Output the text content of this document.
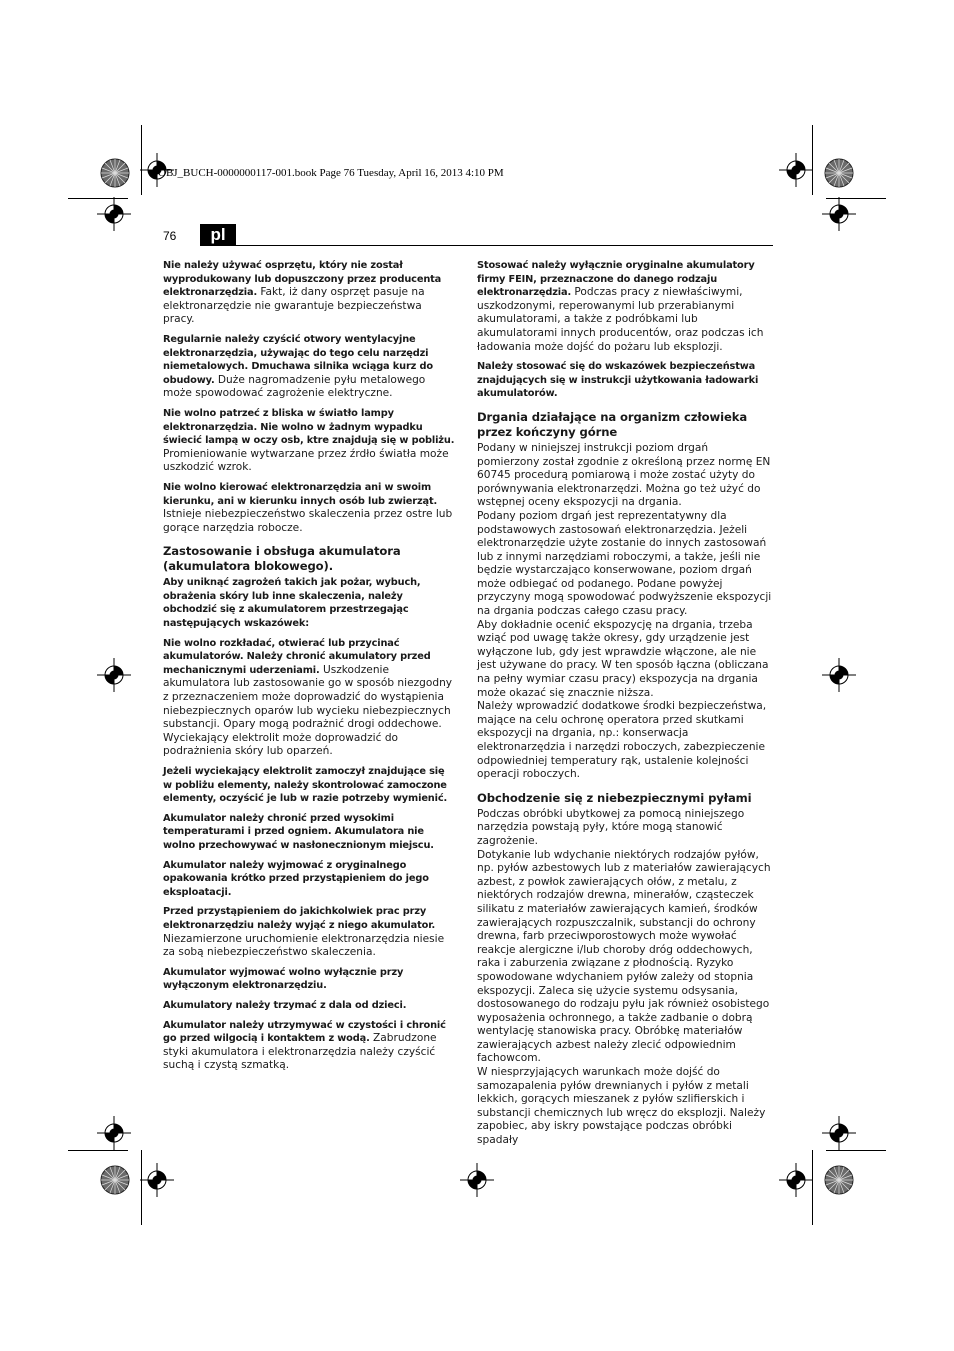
OBJ_BUCH-0000000117-001.book Page 76 Tuesday, April 16, 2013 4:10 PM
76	pl

Nie należy używać osprzętu, który nie został wyprodukowany lub dopuszczony przez producenta elektronarzędzia. Fakt, iż dany osprzęt pasuje na elektronarzędzie nie gwarantuje bezpieczeństwa pracy.

Regularnie należy czyścić otwory wentylacyjne elektronarzędzia, używając do tego celu narzędzi niemetalowych. Dmuchawa silnika wciąga kurz do obudowy. Duże nagromadzenie pyłu metalowego może spowodować zagrożenie elektryczne.

Nie wolno patrzeć z bliska w światło lampy elektronarzędzia. Nie wolno w żadnym wypadku świecić lampą w oczy osb, ktre znajdują się w pobliżu. Promieniowanie wytwarzane przez źrdło światła może uszkodzić wzrok.

Nie wolno kierować elektronarzędzia ani w swoim kierunku, ani w kierunku innych osób lub zwierząt. Istnieje niebezpieczeństwo skaleczenia przez ostre lub gorące narzędzia robocze.

Zastosowanie i obsługa akumulatora (akumulatora blokowego).

Aby uniknąć zagrożeń takich jak pożar, wybuch, obrażenia skóry lub inne skaleczenia, należy obchodzić się z akumulatorem przestrzegając następujących wskazówek:

Nie wolno rozkładać, otwierać lub przycinać akumulatorów. Należy chronić akumulatory przed mechanicznymi uderzeniami. Uszkodzenie akumulatora lub zastosowanie go w sposób niezgodny z przeznaczeniem może doprowadzić do wystąpienia niebezpiecznych oparów lub wycieku niebezpiecznych substancji. Opary mogą podrażnić drogi oddechowe. Wyciekający elektrolit może doprowadzić do podrażnienia skóry lub oparzeń.

Jeżeli wyciekający elektrolit zamoczył znajdujące się w pobliżu elementy, należy skontrolować zamoczone elementy, oczyścić je lub w razie potrzeby wymienić.

Akumulator należy chronić przed wysokimi temperaturami i przed ogniem. Akumulatora nie wolno przechowywać w nasłonecznionym miejscu.

Akumulator należy wyjmować z oryginalnego opakowania krótko przed przystąpieniem do jego eksploatacji.

Przed przystąpieniem do jakichkolwiek prac przy elektronarzędziu należy wyjąć z niego akumulator. Niezamierzone uruchomienie elektronarzędzia niesie za sobą niebezpieczeństwo skaleczenia.

Akumulator wyjmować wolno wyłącznie przy wyłączonym elektronarzędziu.

Akumulatory należy trzymać z dala od dzieci.

Akumulator należy utrzymywać w czystości i chronić go przed wilgocią i kontaktem z wodą. Zabrudzone styki akumulatora i elektronarzędzia należy czyścić suchą i czystą szmatką.

Stosować należy wyłącznie oryginalne akumulatory firmy FEIN, przeznaczone do danego rodzaju elektronarzędzia. Podczas pracy z niewłaściwymi, uszkodzonymi, reperowanymi lub przerabianymi akumulatorami, a także z podróbkami lub akumulatorami innych producentów, oraz podczas ich ładowania może dojść do pożaru lub eksplozji.

Należy stosować się do wskazówek bezpieczeństwa znajdujących się w instrukcji użytkowania ładowarki akumulatorów.

Drgania działające na organizm człowieka przez kończyny górne

Podany w niniejszej instrukcji poziom drgań pomierzony został zgodnie z określoną przez normę EN 60745 procedurą pomiarową i może zostać użyty do porównywania elektronarzędzi. Można go też użyć do wstępnej oceny ekspozycji na drgania.

Podany poziom drgań jest reprezentatywny dla podstawowych zastosowań elektronarzędzia. Jeżeli elektronarzędzie użyte zostanie do innych zastosowań lub z innymi narzędziami roboczymi, a także, jeśli nie będzie wystarczająco konserwowane, poziom drgań może odbiegać od podanego. Podane powyżej przyczyny mogą spowodować podwyższenie ekspozycji na drgania podczas całego czasu pracy.

Aby dokładnie ocenić ekspozycję na drgania, trzeba wziąć pod uwagę także okresy, gdy urządzenie jest wyłączone lub, gdy jest wprawdzie włączone, ale nie jest używane do pracy. W ten sposób łączna (obliczana na pełny wymiar czasu pracy) ekspozycja na drgania może okazać się znacznie niższa.

Należy wprowadzić dodatkowe środki bezpieczeństwa, mające na celu ochronę operatora przed skutkami ekspozycji na drgania, np.: konserwacja elektronarzędzia i narzędzi roboczych, zabezpieczenie odpowiedniej temperatury rąk, ustalenie kolejności operacji roboczych.

Obchodzenie się z niebezpiecznymi pyłami

Podczas obróbki ubytkowej za pomocą niniejszego narzędzia powstają pyły, które mogą stanowić zagrożenie.

Dotykanie lub wdychanie niektórych rodzajów pyłów, np. pyłów azbestowych lub z materiałów zawierających azbest, z powłok zawierających ołów, z metalu, z niektórych rodzajów drewna, minerałów, cząsteczek silikatu z materiałów zawierających kamień, środków zawierających rozpuszczalnik, substancji do ochrony drewna, farb przeciwporostowych może wywołać reakcje alergiczne i/lub choroby dróg oddechowych, raka i zaburzenia związane z płodnością. Ryzyko spowodowane wdychaniem pyłów zależy od stopnia ekspozycji. Zaleca się użycie systemu odsysania, dostosowanego do rodzaju pyłu jak również osobistego wyposażenia ochronnego, a także zadbanie o dobrą wentylację stanowiska pracy. Obróbkę materiałów zawierających azbest należy zlecić odpowiednim fachowcom.

W niesprzyjających warunkach może dojść do samozapalenia pyłów drewnianych i pyłów z metali lekkich, gorących mieszanek z pyłów szlifierskich i substancji chemicznych lub wręcz do eksplozji. Należy zapobiec, aby iskry powstające podczas obróbki spadały
